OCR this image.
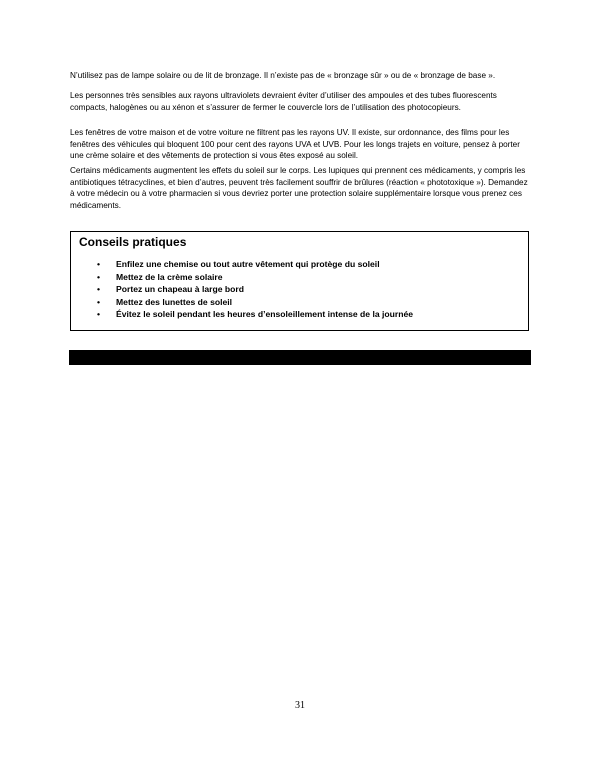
N’utilisez pas de lampe solaire ou de lit de bronzage. Il n’existe pas de « bronzage sûr » ou de « bronzage de base ».

Les personnes très sensibles aux rayons ultraviolets devraient éviter d’utiliser des ampoules et des tubes fluorescents compacts, halogènes ou au xénon et s’assurer de fermer le couvercle lors de l’utilisation des photocopieurs.

Les fenêtres de votre maison et de votre voiture ne filtrent pas les rayons UV. Il existe, sur ordonnance, des films pour les fenêtres des véhicules qui bloquent 100 pour cent des rayons UVA et UVB. Pour les longs trajets en voiture, pensez à porter une crème solaire et des vêtements de protection si vous êtes exposé au soleil.

Certains médicaments augmentent les effets du soleil sur le corps. Les lupiques qui prennent ces médicaments, y compris les antibiotiques tétracyclines, et bien d’autres, peuvent très facilement souffrir de brûlures (réaction « phototoxique »). Demandez à votre médecin ou à votre pharmacien si vous devriez porter une protection solaire supplémentaire lorsque vous prenez ces médicaments.

Conseils pratiques
• Enfilez une chemise ou tout autre vêtement qui protège du soleil
• Mettez de la crème solaire
• Portez un chapeau à large bord
• Mettez des lunettes de soleil
• Évitez le soleil pendant les heures d’ensoleillement intense de la journée

31
